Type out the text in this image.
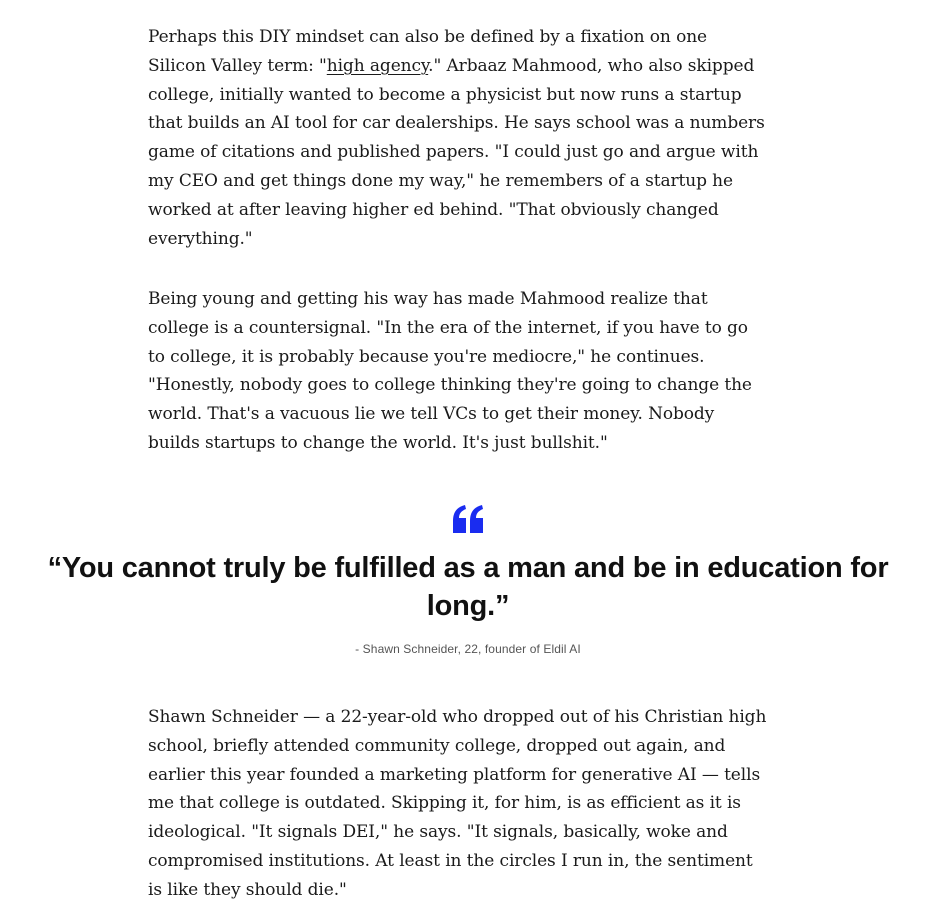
Perhaps this DIY mindset can also be defined by a fixation on one Silicon Valley term: "high agency." Arbaaz Mahmood, who also skipped college, initially wanted to become a physicist but now runs a startup that builds an AI tool for car dealerships. He says school was a numbers game of citations and published papers. "I could just go and argue with my CEO and get things done my way," he remembers of a startup he worked at after leaving higher ed behind. "That obviously changed everything."

Being young and getting his way has made Mahmood realize that college is a countersignal. "In the era of the internet, if you have to go to college, it is probably because you're mediocre," he continues. "Honestly, nobody goes to college thinking they're going to change the world. That's a vacuous lie we tell VCs to get their money. Nobody builds startups to change the world. It's just bullshit."

“You cannot truly be fulfilled as a man and be in education for long.”

- Shawn Schneider, 22, founder of Eldil AI

Shawn Schneider — a 22-year-old who dropped out of his Christian high school, briefly attended community college, dropped out again, and earlier this year founded a marketing platform for generative AI — tells me that college is outdated. Skipping it, for him, is as efficient as it is ideological. "It signals DEI," he says. "It signals, basically, woke and compromised institutions. At least in the circles I run in, the sentiment is like they should die."
